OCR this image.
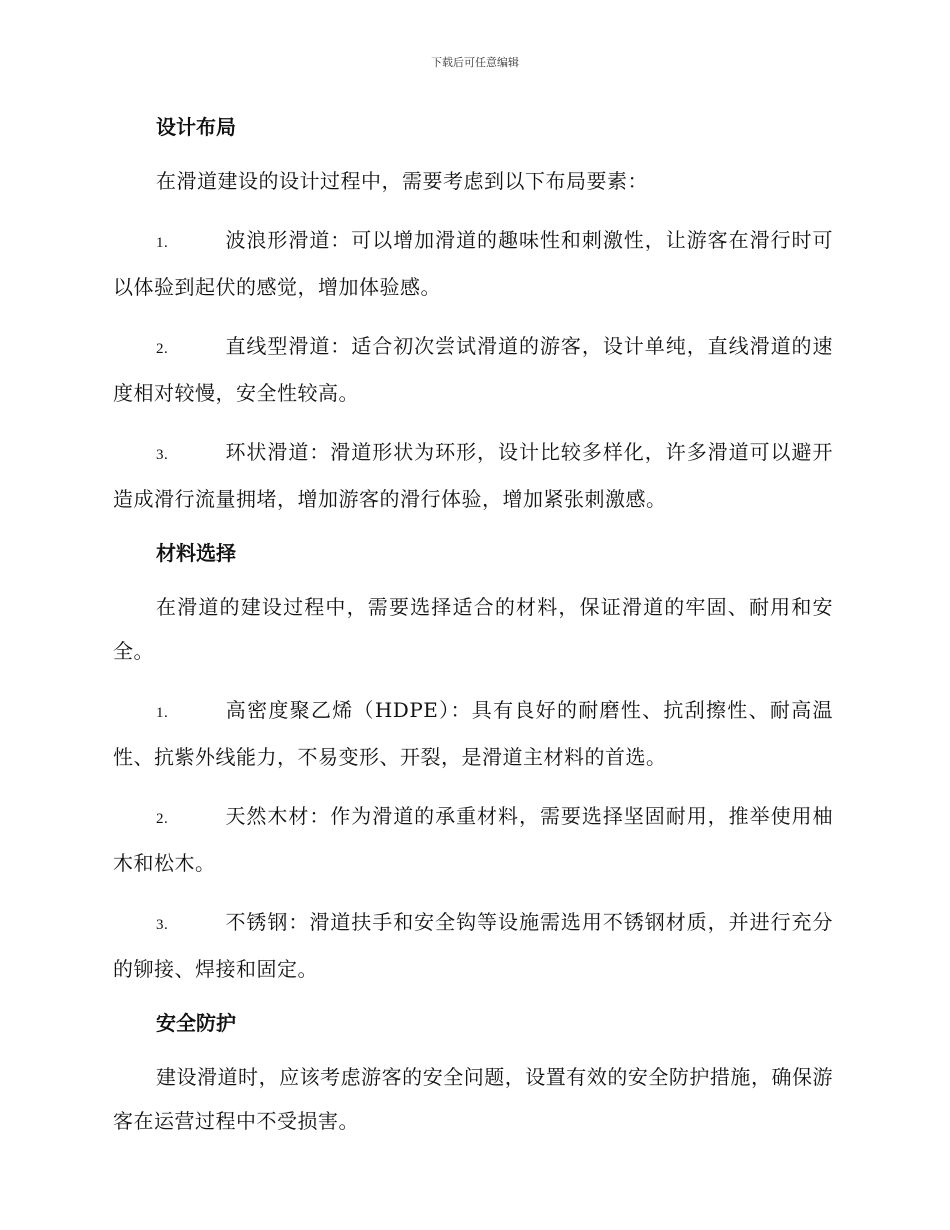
下载后可任意编辑
设计布局

在滑道建设的设计过程中，需要考虑到以下布局要素：

1.	波浪形滑道：可以增加滑道的趣味性和刺激性，让游客在滑行时可以体验到起伏的感觉，增加体验感。

2.	直线型滑道：适合初次尝试滑道的游客，设计单纯，直线滑道的速度相对较慢，安全性较高。

3.	环状滑道：滑道形状为环形，设计比较多样化，许多滑道可以避开造成滑行流量拥堵，增加游客的滑行体验，增加紧张刺激感。

材料选择

在滑道的建设过程中，需要选择适合的材料，保证滑道的牢固、耐用和安全。

1.	高密度聚乙烯（HDPE）：具有良好的耐磨性、抗刮擦性、耐高温性、抗紫外线能力，不易变形、开裂，是滑道主材料的首选。

2.	天然木材：作为滑道的承重材料，需要选择坚固耐用，推举使用柚木和松木。

3.	不锈钢：滑道扶手和安全钩等设施需选用不锈钢材质，并进行充分的铆接、焊接和固定。

安全防护

建设滑道时，应该考虑游客的安全问题，设置有效的安全防护措施，确保游客在运营过程中不受损害。
